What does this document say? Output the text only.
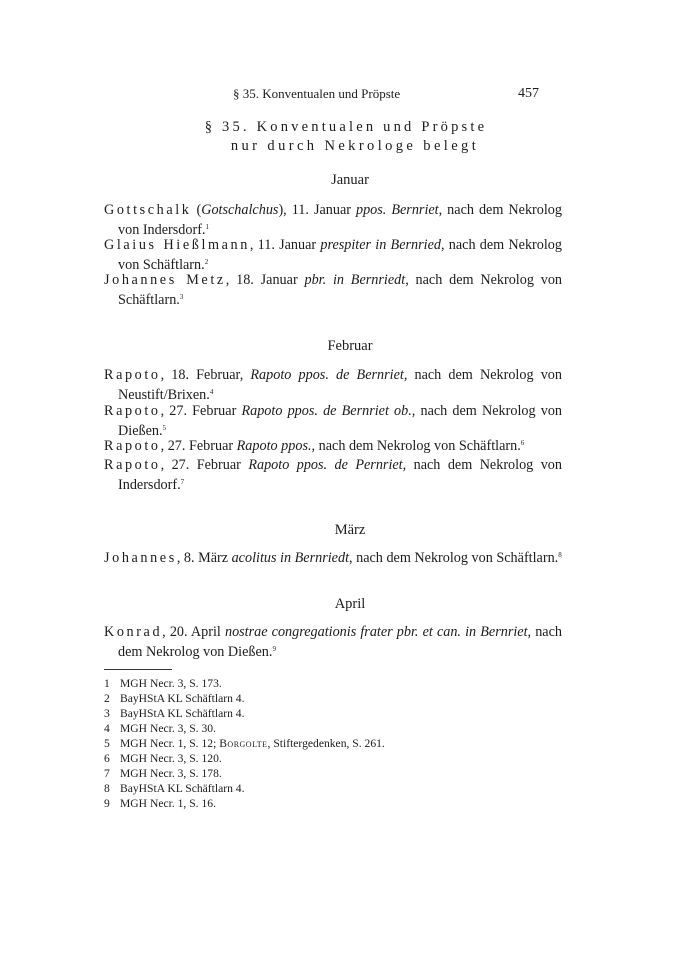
§ 35. Konventualen und Pröpste	457
§ 35. Konventualen und Pröpste
nur durch Nekrologe belegt
Januar
Gottschalk (Gotschalchus), 11. Januar ppos. Bernriet, nach dem Nekrolog von Indersdorf.$^1$
Glaius Hießlmann, 11. Januar prespiter in Bernried, nach dem Nekrolog von Schäftlarn.$^2$
Johannes Metz, 18. Januar pbr. in Bernriedt, nach dem Nekrolog von Schäftlarn.$^3$
Februar
Rapoto, 18. Februar, Rapoto ppos. de Bernriet, nach dem Nekrolog von Neustift/Brixen.$^4$
Rapoto, 27. Februar Rapoto ppos. de Bernriet ob., nach dem Nekrolog von Dießen.$^5$
Rapoto, 27. Februar Rapoto ppos., nach dem Nekrolog von Schäftlarn.$^6$
Rapoto, 27. Februar Rapoto ppos. de Pernriet, nach dem Nekrolog von Indersdorf.$^7$
März
Johannes, 8. März acolitus in Bernriedt, nach dem Nekrolog von Schäftlarn.$^8$
April
Konrad, 20. April nostrae congregationis frater pbr. et can. in Bernriet, nach dem Nekrolog von Dießen.$^9$
1 MGH Necr. 3, S. 173.
2 BayHStA KL Schäftlarn 4.
3 BayHStA KL Schäftlarn 4.
4 MGH Necr. 3, S. 30.
5 MGH Necr. 1, S. 12; Borgolte, Stiftergedenken, S. 261.
6 MGH Necr. 3, S. 120.
7 MGH Necr. 3, S. 178.
8 BayHStA KL Schäftlarn 4.
9 MGH Necr. 1, S. 16.
